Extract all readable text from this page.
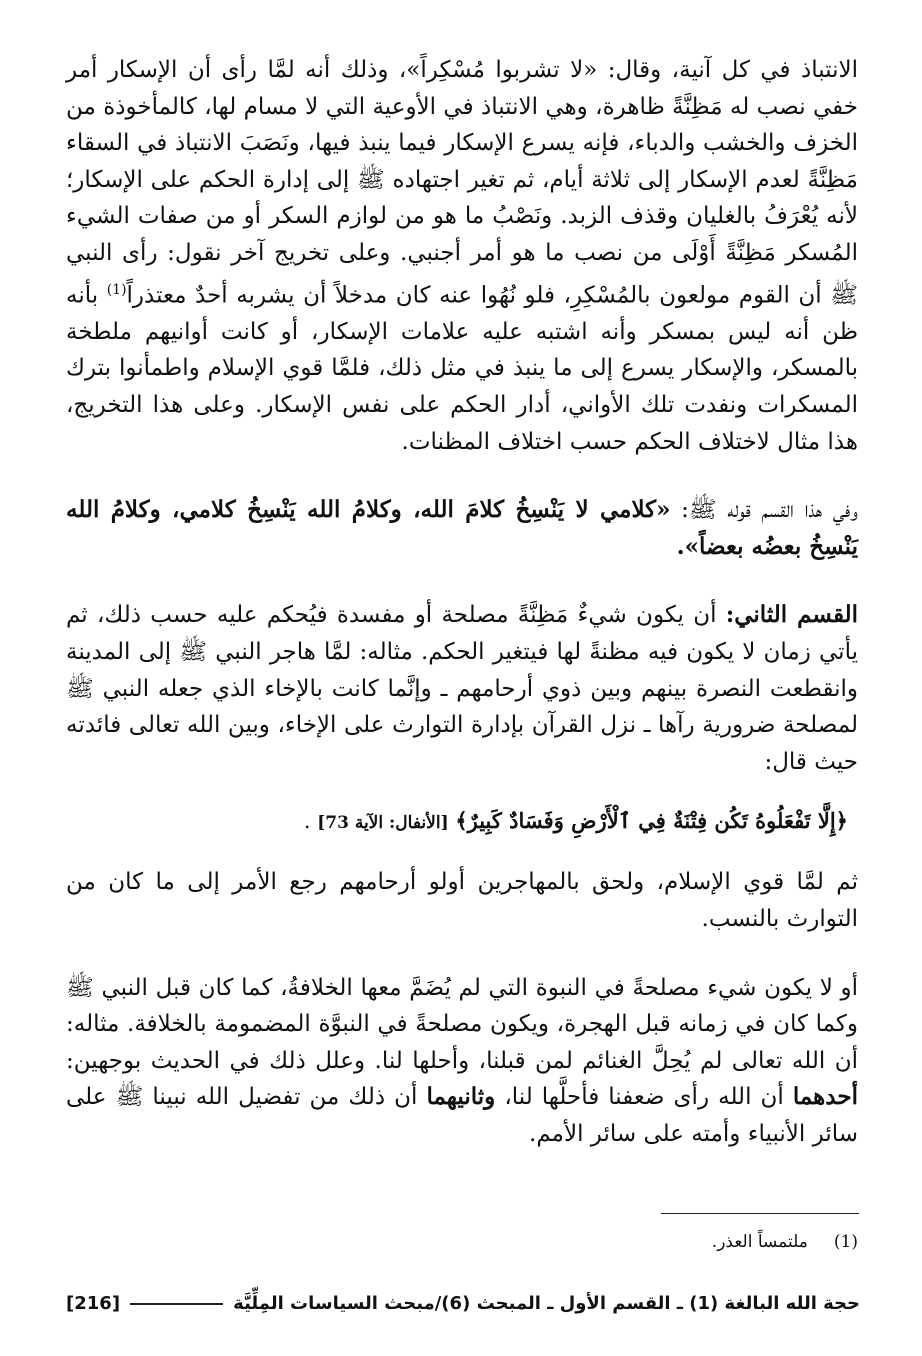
الانتباذ في كل آنية، وقال: «لا تشربوا مُسْكِراً»، وذلك أنه لمَّا رأى أن الإسكار أمر خفي نصب له مَظِنَّةً ظاهرة، وهي الانتباذ في الأوعية التي لا مسام لها، كالمأخوذة من الخزف والخشب والدباء، فإنه يسرع الإسكار فيما ينبذ فيها، ونَصَبَ الانتباذ في السقاء مَظِنَّةً لعدم الإسكار إلى ثلاثة أيام، ثم تغير اجتهاده ﷺ إلى إدارة الحكم على الإسكار؛ لأنه يُعْرَفُ بالغليان وقذف الزبد. ونَصْبُ ما هو من لوازم السكر أو من صفات الشيء المُسكر مَظِنَّةً أَوْلَى من نصب ما هو أمر أجنبي. وعلى تخريج آخر نقول: رأى النبي ﷺ أن القوم مولعون بالمُسْكِرِ، فلو نُهُوا عنه كان مدخلاً أن يشربه أحدٌ معتذراً$^{(1)}$ بأنه ظن أنه ليس بمسكر وأنه اشتبه عليه علامات الإسكار، أو كانت أوانيهم ملطخة بالمسكر، والإسكار يسرع إلى ما ينبذ في مثل ذلك، فلمَّا قوي الإسلام واطمأنوا بترك المسكرات ونفدت تلك الأواني، أدار الحكم على نفس الإسكار. وعلى هذا التخريج، هذا مثال لاختلاف الحكم حسب اختلاف المظنات.

وفي هذا القسم قوله ﷺ: «كلامي لا يَنْسِخُ كلامَ الله، وكلامُ الله يَنْسِخُ كلامي، وكلامُ الله يَنْسِخُ بعضُه بعضاً».

القسم الثاني: أن يكون شيءٌ مَظِنَّةً مصلحة أو مفسدة فيُحكم عليه حسب ذلك، ثم يأتي زمان لا يكون فيه مظنةً لها فيتغير الحكم. مثاله: لمَّا هاجر النبي ﷺ إلى المدينة وانقطعت النصرة بينهم وبين ذوي أرحامهم ـ وإنَّما كانت بالإخاء الذي جعله النبي ﷺ لمصلحة ضرورية رآها ـ نزل القرآن بإدارة التوارث على الإخاء، وبين الله تعالى فائدته حيث قال:

﴿إِلَّا تَفْعَلُوهُ تَكُن فِتْنَةٌ فِي ٱلْأَرْضِ وَفَسَادٌ كَبِيرٌ﴾ [الأنفال: الآية 73] .

ثم لمَّا قوي الإسلام، ولحق بالمهاجرين أولو أرحامهم رجع الأمر إلى ما كان من التوارث بالنسب.

أو لا يكون شيء مصلحةً في النبوة التي لم يُضَمَّ معها الخلافةُ، كما كان قبل النبي ﷺ وكما كان في زمانه قبل الهجرة، ويكون مصلحةً في النبوَّة المضمومة بالخلافة. مثاله: أن الله تعالى لم يُحِلَّ الغنائم لمن قبلنا، وأحلها لنا. وعلل ذلك في الحديث بوجهين: أحدهما أن الله رأى ضعفنا فأحلَّها لنا، وثانيهما أن ذلك من تفضيل الله نبينا ﷺ على سائر الأنبياء وأمته على سائر الأمم.

(1)ملتمساً العذر.
حجة الله البالغة (1) ـ القسم الأول ـ المبحث (6)/مبحث السياسات المِلِّيَّة
[216]
